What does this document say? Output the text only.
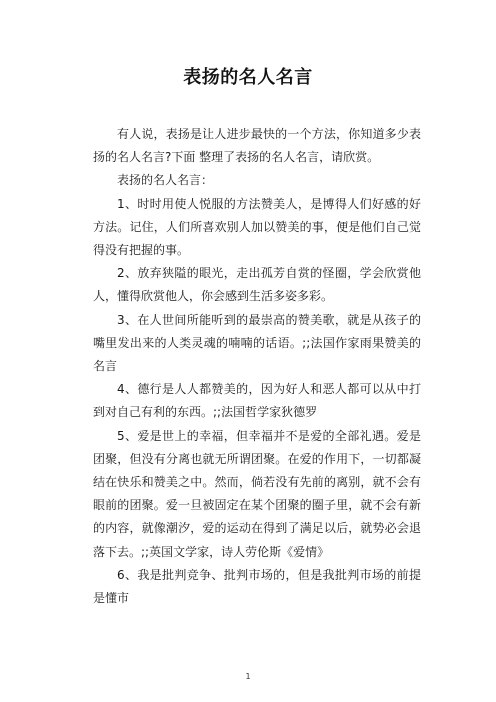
表扬的名人名言

有人说，表扬是让人进步最快的一个方法，你知道多少表扬的名人名言?下面 整理了表扬的名人名言，请欣赏。

表扬的名人名言：

1、时时用使人悦服的方法赞美人，是博得人们好感的好方法。记住，人们所喜欢别人加以赞美的事，便是他们自己觉得没有把握的事。

2、放弃狭隘的眼光，走出孤芳自赏的怪圈，学会欣赏他人，懂得欣赏他人，你会感到生活多姿多彩。

3、在人世间所能听到的最崇高的赞美歌，就是从孩子的嘴里发出来的人类灵魂的喃喃的话语。;;法国作家雨果赞美的名言

4、德行是人人都赞美的，因为好人和恶人都可以从中打到对自己有利的东西。;;法国哲学家狄德罗

5、爱是世上的幸福，但幸福并不是爱的全部礼遇。爱是团聚，但没有分离也就无所谓团聚。在爱的作用下，一切都凝结在快乐和赞美之中。然而，倘若没有先前的离别，就不会有眼前的团聚。爱一旦被固定在某个团聚的圈子里，就不会有新的内容，就像潮汐，爱的运动在得到了满足以后，就势必会退落下去。;;英国文学家，诗人劳伦斯《爱情》

6、我是批判竞争、批判市场的，但是我批判市场的前提是懂市

1
